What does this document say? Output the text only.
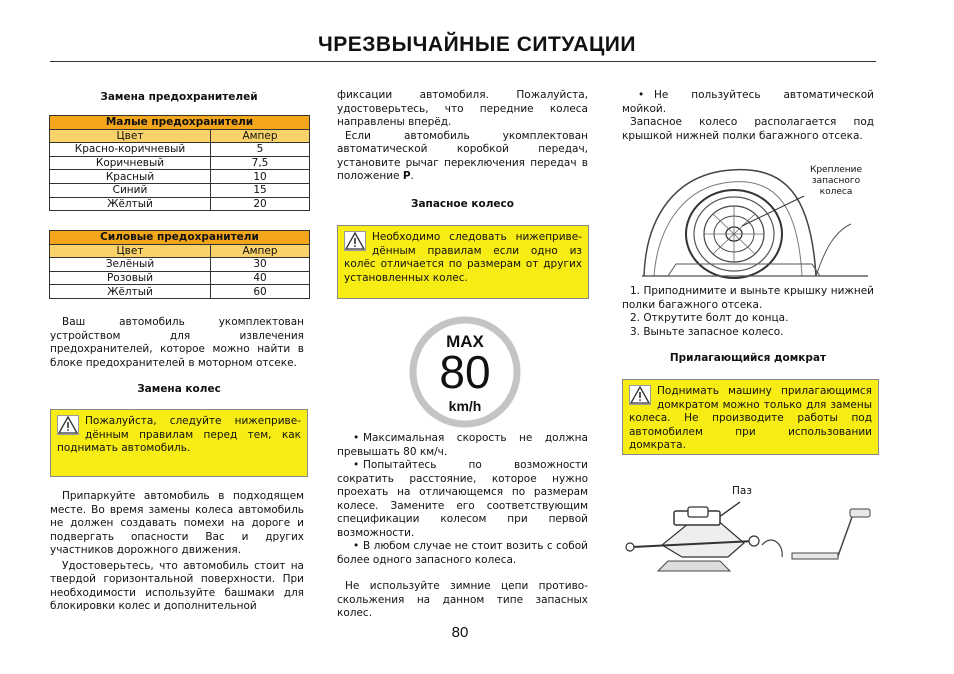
ЧРЕЗВЫЧАЙНЫЕ СИТУАЦИИ
Замена предохранителей
Малые предохранители	
Цвет	Ампер
Красно-коричневый	5
Коричневый	7,5
Красный	10
Синий	15
Жёлтый	20
Силовые предохранители	
Цвет	Ампер
Зелёный	30
Розовый	40
Жёлтый	60
Ваш автомобиль укомплектован устройством для извлечения предохранителей, которое можно найти в блоке предохранителей в моторном отсеке.
Замена колес
Пожалуйста, следуйте нижеприведённым правилам перед тем, как поднимать автомобиль.

Припаркуйте автомобиль в подходящем месте. Во время замены колеса автомобиль не должен создавать помехи на дороге и подвергать опасности Вас и других участников дорожного движения.

Удостоверьтесь, что автомобиль стоит на твердой горизонтальной поверхности. При необходимости используйте башмаки для блокировки колес и дополнительной

фиксации автомобиля. Пожалуйста, удостоверьтесь, что передние колеса направлены вперёд.

Если автомобиль укомплектован автоматической коробкой передач, установите рычаг переключения передач в положение P.

Запасное колесо
Необходимо следовать нижеприведённым правилам если одно из колёс отличается по размерам от других установленных колес.
MAX
80
km/h

• Максимальная скорость не должна превышать 80 км/ч.

• Попытайтесь по возможности сократить расстояние, которое нужно проехать на отличающемся по размерам колесе. Замените его соответствующим спецификации колесом при первой возможности.

• В любом случае не стоит возить с собой более одного запасного колеса.

Не используйте зимние цепи противоскольжения на данном типе запасных колес.

80

• Не пользуйтесь автоматической мойкой.

Запасное колесо располагается под крышкой нижней полки багажного отсека.

Крепление запасного колеса

1. Приподнимите и выньте крышку нижней полки багажного отсека.

2. Открутите болт до конца.

3. Выньте запасное колесо.

Прилагающийся домкрат
Поднимать машину прилагающимся домкратом можно только для замены колеса. Не производите работы под автомобилем при использовании домкрата.
Паз
